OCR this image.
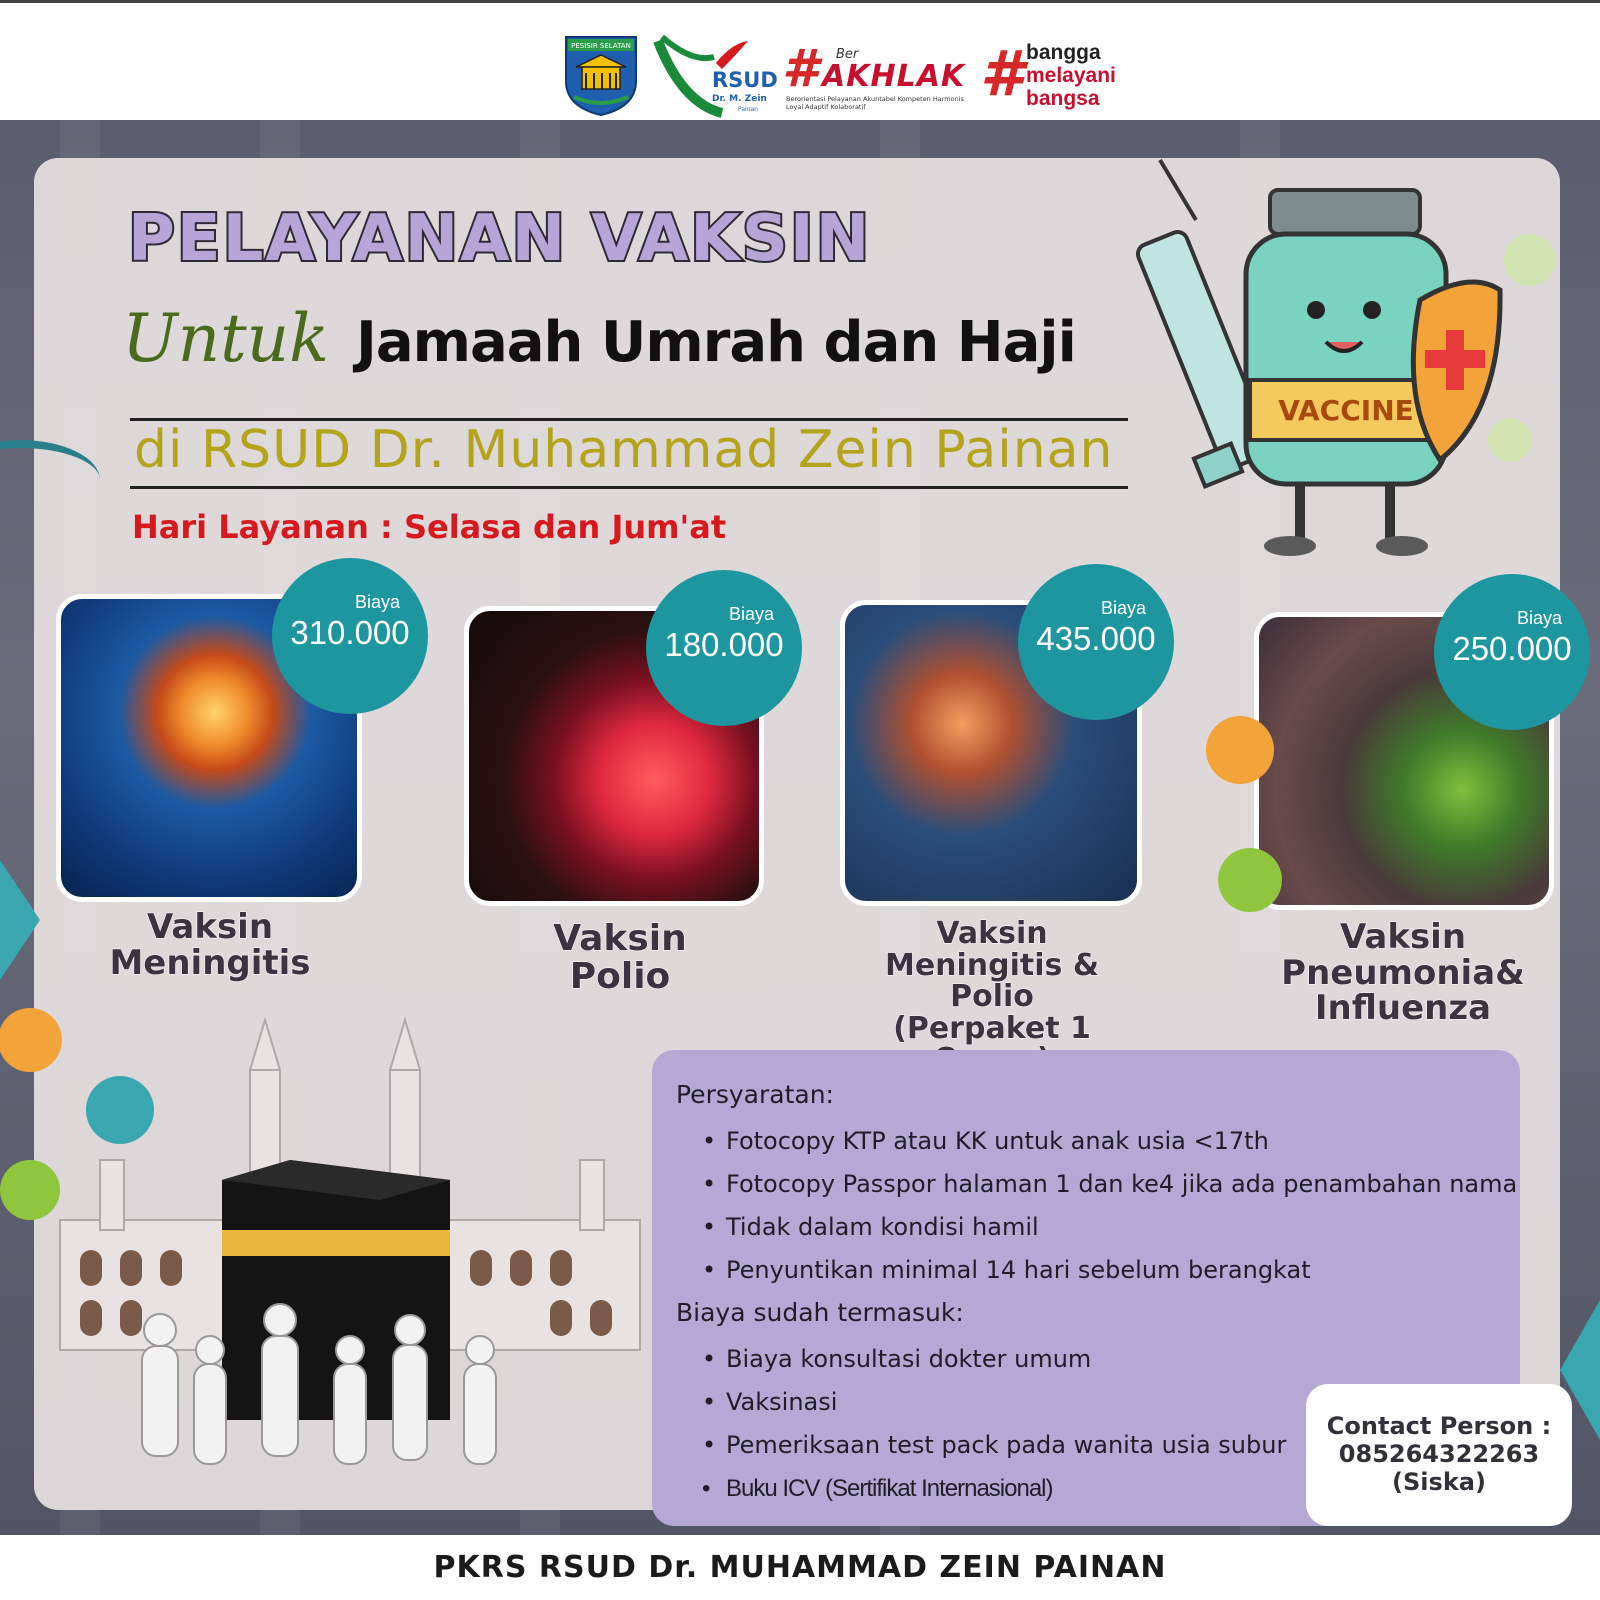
PESISIR SELATAN
RSUD
Dr. M. Zein
Painan
# Ber
AKHLAK
Berorientasi Pelayanan Akuntabel Kompeten Harmonis Loyal Adaptif Kolaboratif	# bangga
melayani
bangsa
PELAYANAN VAKSIN
Untuk Jamaah Umrah dan Haji
di RSUD Dr. Muhammad Zein Painan
Hari Layanan : Selasa dan Jum'at
VACCINE
Biaya
310.000
Vaksin
Meningitis
Biaya
180.000
Vaksin
Polio
Biaya
435.000
Vaksin
Meningitis & Polio
(Perpaket 1
Biaya
250.000
Vaksin
Pneumonia&
Influenza
Persyaratan:
• Fotocopy KTP atau KK untuk anak usia <17th
• Fotocopy Passpor halaman 1 dan ke4 jika ada penambahan nama
• Tidak dalam kondisi hamil
• Penyuntikan minimal 14 hari sebelum berangkat
Biaya sudah termasuk:
• Biaya konsultasi dokter umum
• Vaksinasi
• Pemeriksaan test pack pada wanita usia subur
• Buku ICV (Sertifikat Internasional)
Contact Person :
085264322263
(Siska)
PKRS RSUD Dr. MUHAMMAD ZEIN PAINAN
